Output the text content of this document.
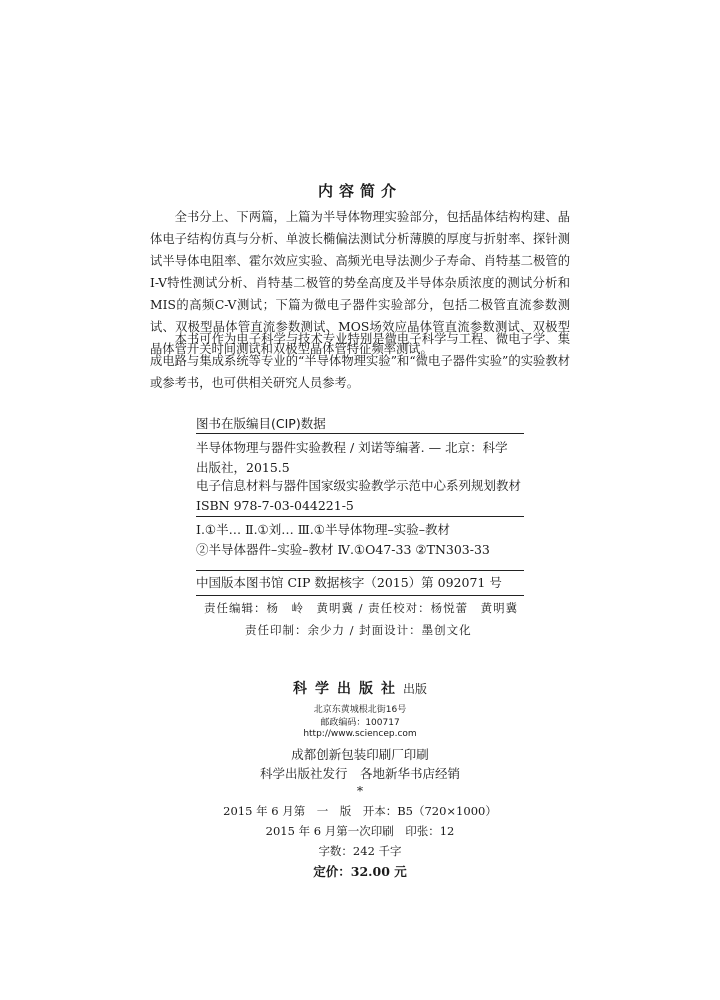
内容简介

全书分上、下两篇，上篇为半导体物理实验部分，包括晶体结构构建、晶体电子结构仿真与分析、单波长椭偏法测试分析薄膜的厚度与折射率、探针测试半导体电阻率、霍尔效应实验、高频光电导法测少子寿命、肖特基二极管的I-V特性测试分析、肖特基二极管的势垒高度及半导体杂质浓度的测试分析和MIS的高频C-V测试；下篇为微电子器件实验部分，包括二极管直流参数测试、双极型晶体管直流参数测试、MOS场效应晶体管直流参数测试、双极型晶体管开关时间测试和双极型晶体管特征频率测试。

本书可作为电子科学与技术专业特别是微电子科学与工程、微电子学、集成电路与集成系统等专业的“半导体物理实验”和“微电子器件实验”的实验教材或参考书，也可供相关研究人员参考。

图书在版编目(CIP)数据
半导体物理与器件实验教程 / 刘诺等编著. — 北京：科学
出版社，2015.5
电子信息材料与器件国家级实验教学示范中心系列规划教材
ISBN 978-7-03-044221-5
Ⅰ.①半… Ⅱ.①刘… Ⅲ.①半导体物理–实验–教材
②半导体器件–实验–教材 Ⅳ.①O47-33 ②TN303-33
中国版本图书馆 CIP 数据核字（2015）第 092071 号
责任编辑：杨　岭　黄明冀 / 责任校对：杨悦蕾　黄明冀
责任印制：余少力 / 封面设计：墨创文化
科学出版社出版
北京东黄城根北街16号
邮政编码：100717
http://www.sciencep.com
成都创新包装印刷厂印刷
科学出版社发行　各地新华书店经销
*
2015 年 6 月第　一　版　开本：B5（720×1000）
2015 年 6 月第一次印刷　印张：12
字数：242 千字
定价：32.00 元
